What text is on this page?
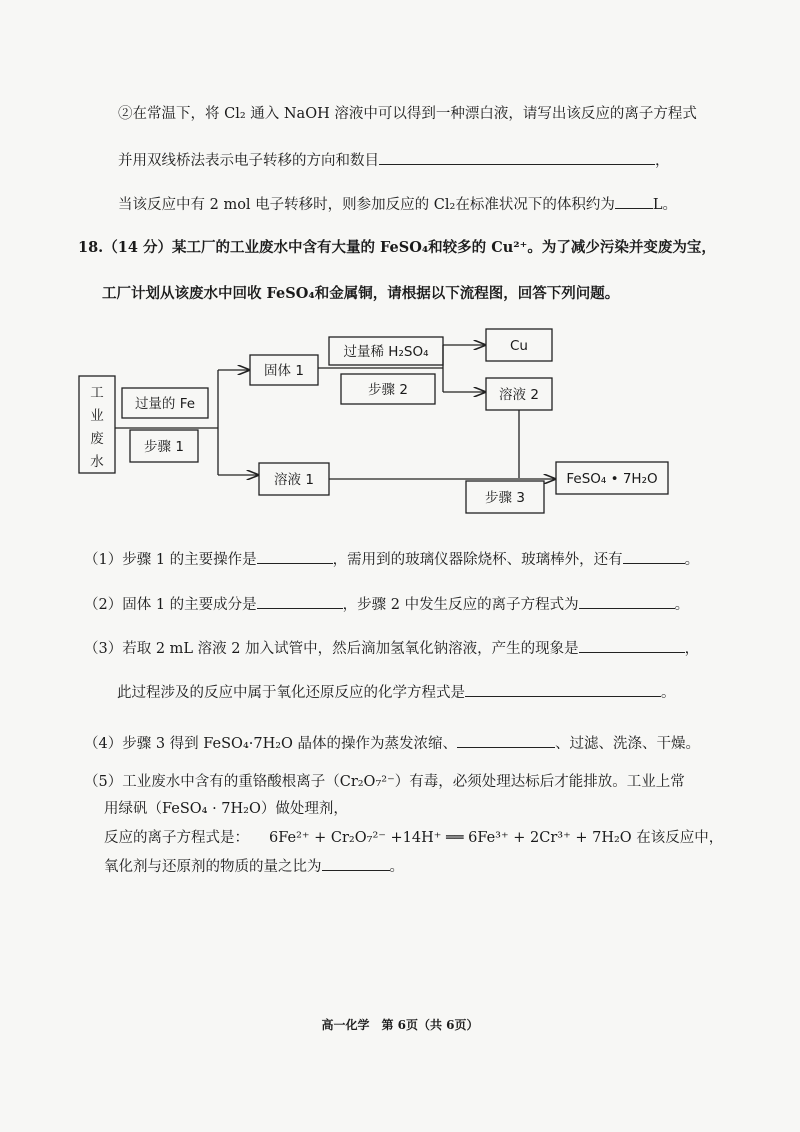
②在常温下，将 Cl₂ 通入 NaOH 溶液中可以得到一种漂白液，请写出该反应的离子方程式
并用双线桥法表示电子转移的方向和数目	，
当该反应中有 2 mol 电子转移时，则参加反应的 Cl₂在标准状况下的体积约为	L。
18.（14 分）某工厂的工业废水中含有大量的 FeSO₄和较多的 Cu²⁺。为了减少污染并变废为宝，
工厂计划从该废水中回收 FeSO₄和金属铜，请根据以下流程图，回答下列问题。
工
业
废
水
过量的 Fe
步骤 1
固体 1
过量稀 H₂SO₄
步骤 2
Cu
溶液 2
溶液 1
步骤 3
FeSO₄ • 7H₂O
（1）步骤 1 的主要操作是	，需用到的玻璃仪器除烧杯、玻璃棒外，还有	。
（2）固体 1 的主要成分是	，步骤 2 中发生反应的离子方程式为	。
（3）若取 2 mL 溶液 2 加入试管中，然后滴加氢氧化钠溶液，产生的现象是	，
此过程涉及的反应中属于氧化还原反应的化学方程式是	。
（4）步骤 3 得到 FeSO₄·7H₂O 晶体的操作为蒸发浓缩、	、过滤、洗涤、干燥。
（5）工业废水中含有的重铬酸根离子（Cr₂O₇²⁻）有毒，必须处理达标后才能排放。工业上常
用绿矾（FeSO₄ · 7H₂O）做处理剂，
反应的离子方程式是： 6Fe²⁺ + Cr₂O₇²⁻ +14H⁺ ══ 6Fe³⁺ + 2Cr³⁺ + 7H₂O 在该反应中，
氧化剂与还原剂的物质的量之比为	。
高一化学　第 6页（共 6页）
